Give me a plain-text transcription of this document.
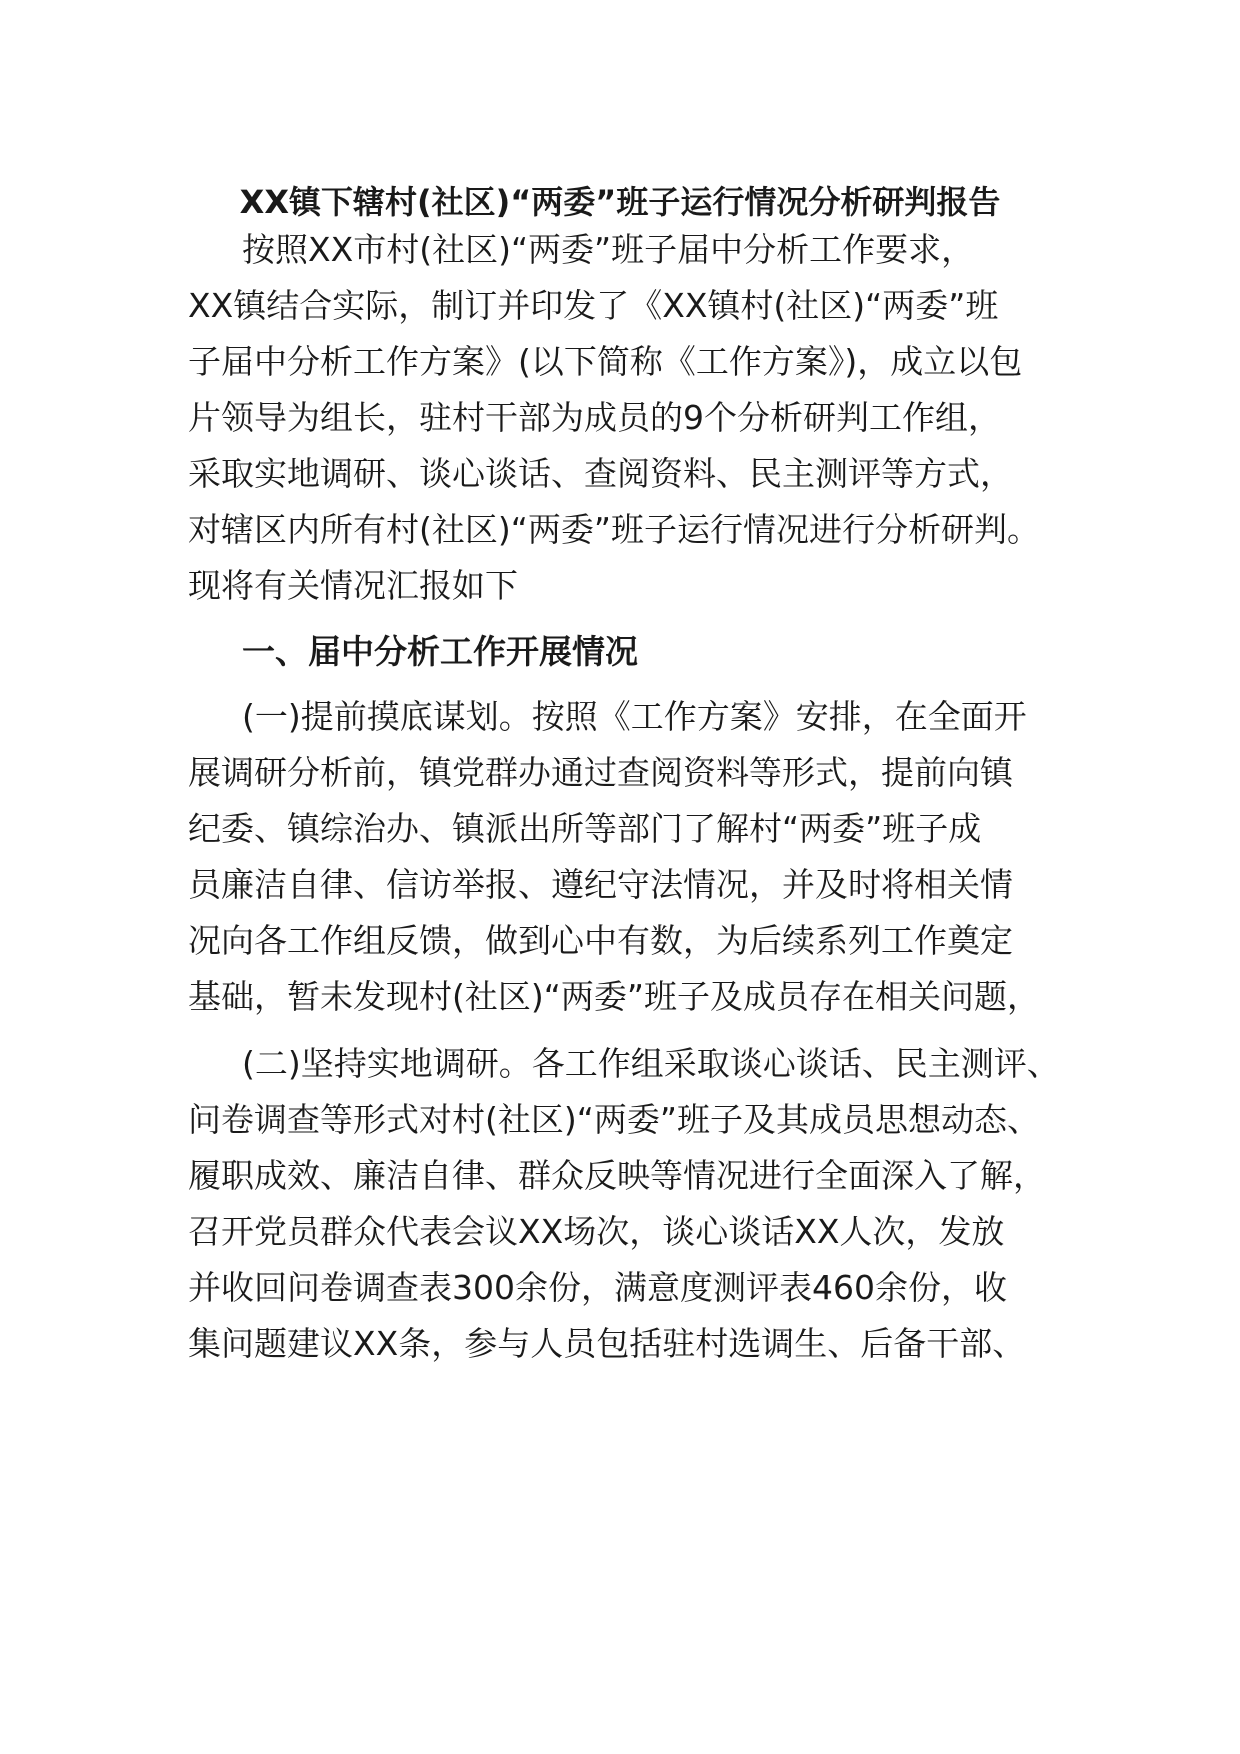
XX镇下辖村(社区)“两委”班子运行情况分析研判报告

按照XX市村(社区)“两委”班子届中分析工作要求，

XX镇结合实际，制订并印发了《XX镇村(社区)“两委”班

子届中分析工作方案》(以下简称《工作方案》)，成立以包

片领导为组长，驻村干部为成员的9个分析研判工作组，

采取实地调研、谈心谈话、查阅资料、民主测评等方式，

对辖区内所有村(社区)“两委”班子运行情况进行分析研判。

现将有关情况汇报如下

一、届中分析工作开展情况

(一)提前摸底谋划。按照《工作方案》安排，在全面开

展调研分析前，镇党群办通过查阅资料等形式，提前向镇

纪委、镇综治办、镇派出所等部门了解村“两委”班子成

员廉洁自律、信访举报、遵纪守法情况，并及时将相关情

况向各工作组反馈，做到心中有数，为后续系列工作奠定

基础，暂未发现村(社区)“两委”班子及成员存在相关问题，

(二)坚持实地调研。各工作组采取谈心谈话、民主测评、

问卷调查等形式对村(社区)“两委”班子及其成员思想动态、

履职成效、廉洁自律、群众反映等情况进行全面深入了解，

召开党员群众代表会议XX场次，谈心谈话XX人次，发放

并收回问卷调查表300余份，满意度测评表460余份，收

集问题建议XX条，参与人员包括驻村选调生、后备干部、
